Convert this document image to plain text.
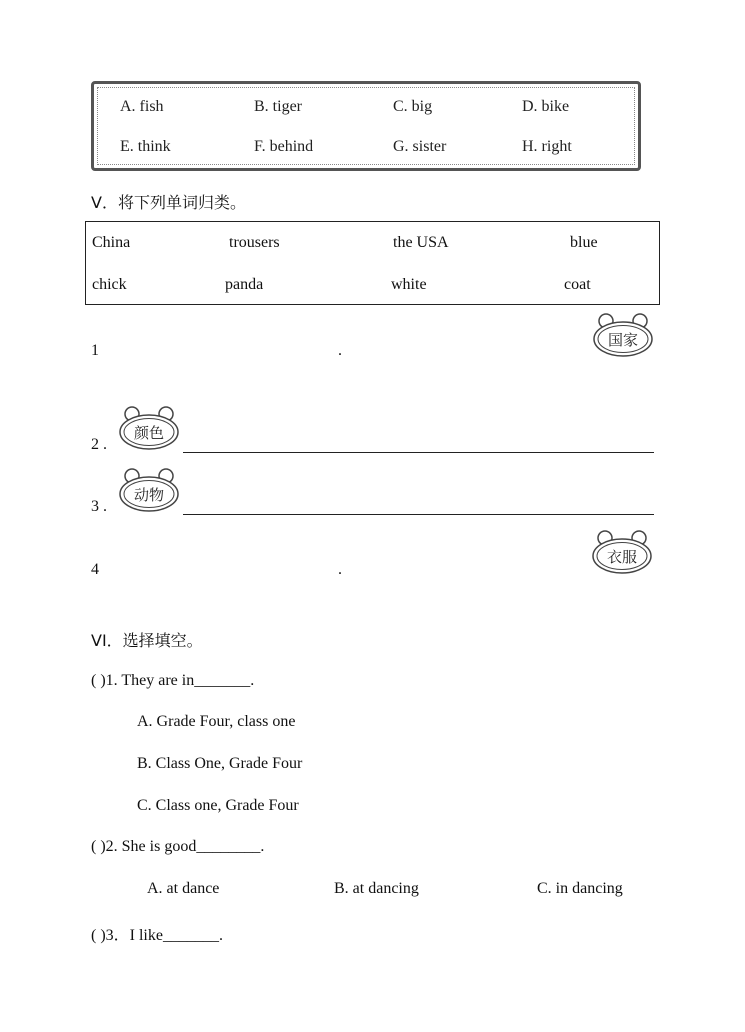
A. fish	B. tiger	C. big	D. bike
E. think	F. behind	G. sister	H. right
V．将下列单词归类。
China	trousers	the USA	blue
chick	panda	white	coat
1	.
国家
2 .
颜色
3 .
动物
4	.
衣服
VI．选择填空。
( )1. They are in_______.
A. Grade Four, class one
B. Class One, Grade Four
C. Class one, Grade Four
( )2. She is good________.
A. at dance	B. at dancing	C. in dancing
( )3．I like_______.
